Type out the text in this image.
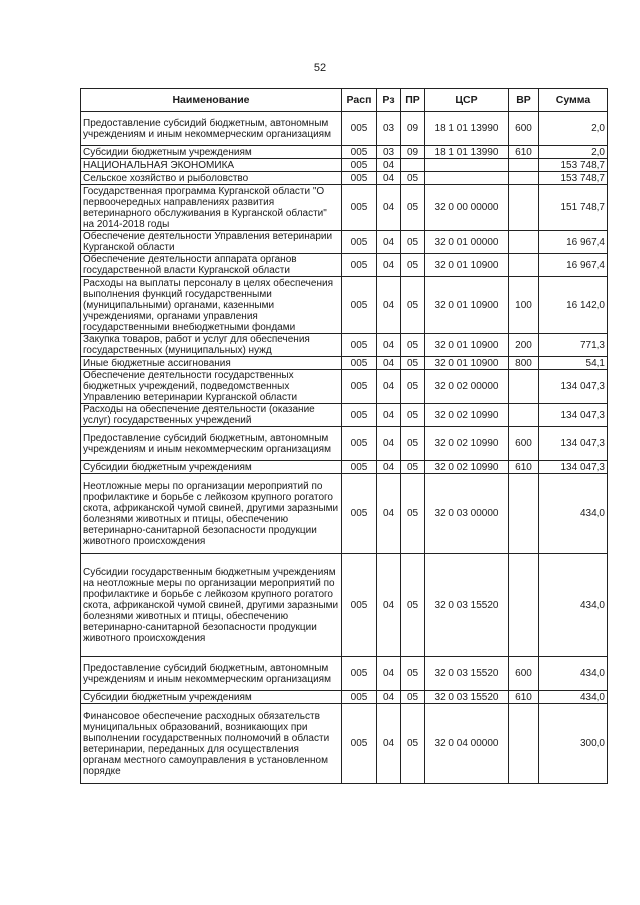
52
Наименование	Расп	Рз	ПР	ЦСР	ВР	Сумма
Предоставление субсидий бюджетным, автономным учреждениям и иным некоммерческим организациям	005	03	09	18 1 01 13990	600	2,0
Субсидии бюджетным учреждениям	005	03	09	18 1 01 13990	610	2,0
НАЦИОНАЛЬНАЯ ЭКОНОМИКА	005	04				153 748,7
Сельское хозяйство и рыболовство	005	04	05			153 748,7
Государственная программа Курганской области "О первоочередных направлениях развития ветеринарного обслуживания в Курганской области" на 2014-2018 годы	005	04	05	32 0 00 00000		151 748,7
Обеспечение деятельности Управления ветеринарии Курганской области	005	04	05	32 0 01 00000		16 967,4
Обеспечение деятельности аппарата органов государственной власти Курганской области	005	04	05	32 0 01 10900		16 967,4
Расходы на выплаты персоналу в целях обеспечения выполнения функций государственными (муниципальными) органами, казенными учреждениями, органами управления государственными внебюджетными фондами	005	04	05	32 0 01 10900	100	16 142,0
Закупка товаров, работ и услуг для обеспечения государственных (муниципальных) нужд	005	04	05	32 0 01 10900	200	771,3
Иные бюджетные ассигнования	005	04	05	32 0 01 10900	800	54,1
Обеспечение деятельности государственных бюджетных учреждений, подведомственных Управлению ветеринарии Курганской области	005	04	05	32 0 02 00000		134 047,3
Расходы на обеспечение деятельности (оказание услуг) государственных учреждений	005	04	05	32 0 02 10990		134 047,3
Предоставление субсидий бюджетным, автономным учреждениям и иным некоммерческим организациям	005	04	05	32 0 02 10990	600	134 047,3
Субсидии бюджетным учреждениям	005	04	05	32 0 02 10990	610	134 047,3
Неотложные меры по организации мероприятий по профилактике и борьбе с лейкозом крупного рогатого скота, африканской чумой свиней, другими заразными болезнями животных и птицы, обеспечению ветеринарно-санитарной безопасности продукции животного происхождения	005	04	05	32 0 03 00000		434,0
Субсидии государственным бюджетным учреждениям на неотложные меры по организации мероприятий по профилактике и борьбе с лейкозом крупного рогатого скота, африканской чумой свиней, другими заразными болезнями животных и птицы, обеспечению ветеринарно-санитарной безопасности продукции животного происхождения	005	04	05	32 0 03 15520		434,0
Предоставление субсидий бюджетным, автономным учреждениям и иным некоммерческим организациям	005	04	05	32 0 03 15520	600	434,0
Субсидии бюджетным учреждениям	005	04	05	32 0 03 15520	610	434,0
Финансовое обеспечение расходных обязательств муниципальных образований, возникающих при выполнении государственных полномочий в области ветеринарии, переданных для осуществления органам местного самоуправления в установленном порядке	005	04	05	32 0 04 00000		300,0
